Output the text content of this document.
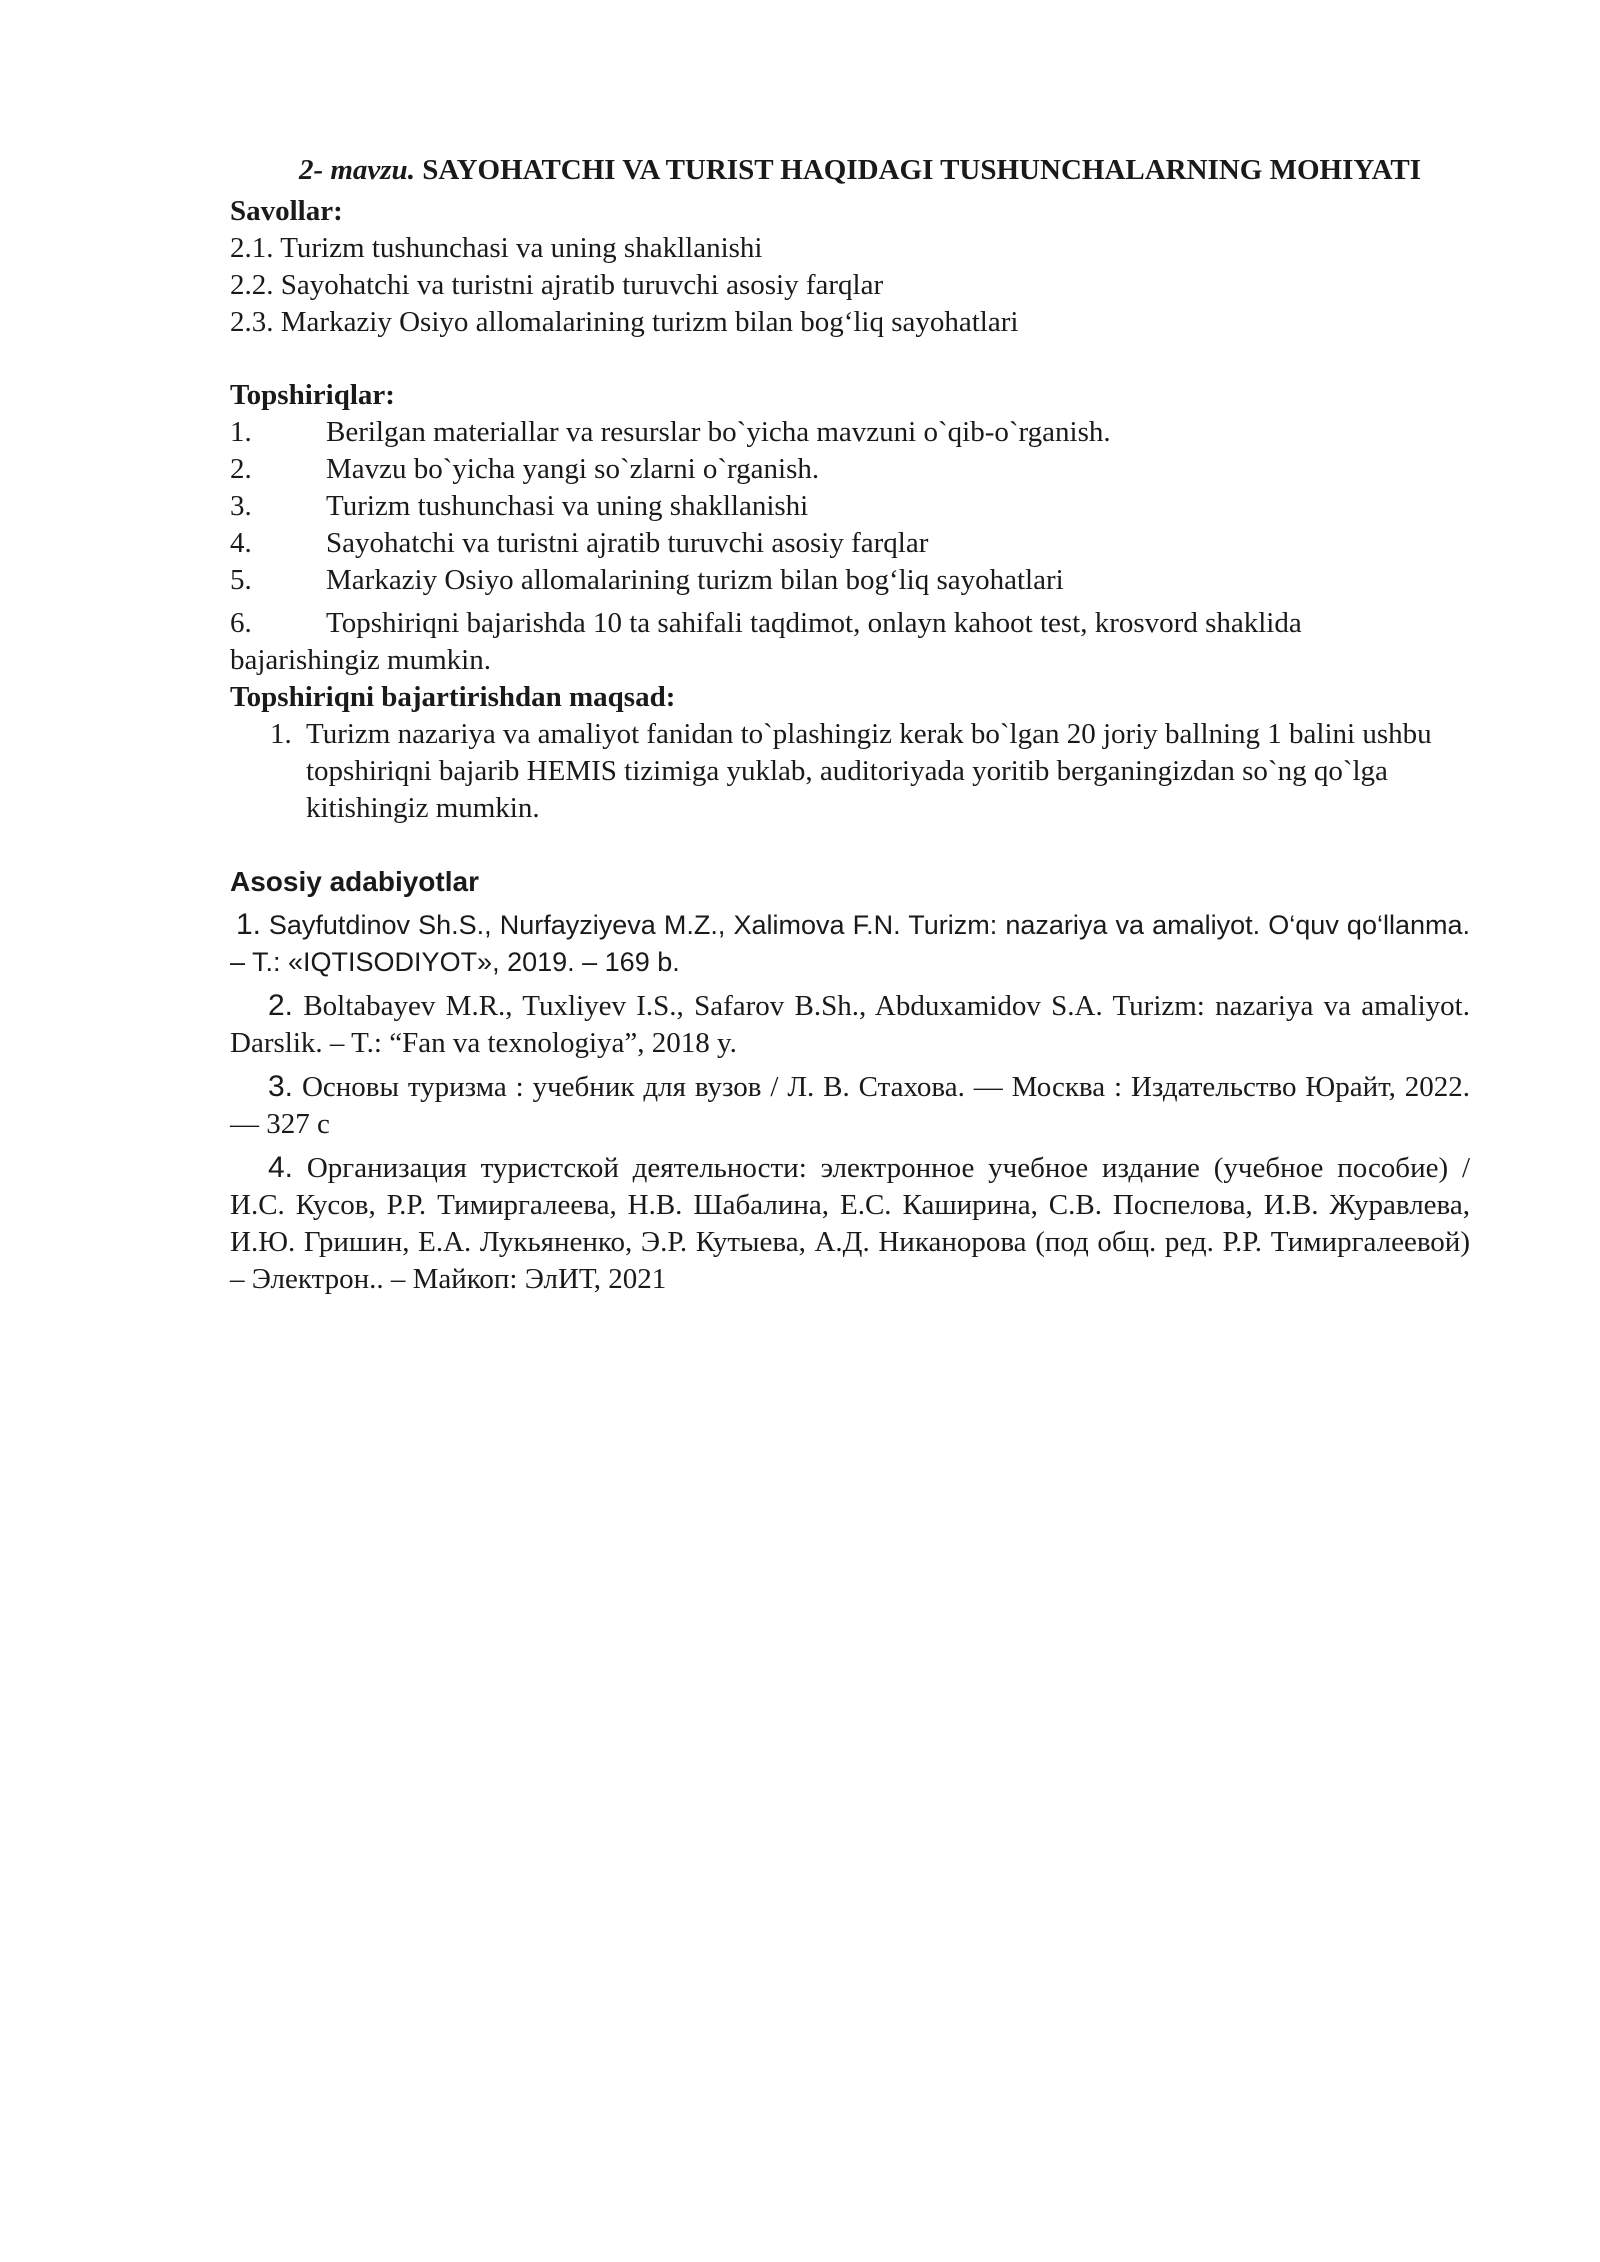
2- mavzu. SAYOHATCHI VA TURIST HAQIDAGI TUSHUNCHALARNING MOHIYATI

Savollar:

2.1. Turizm tushunchasi va uning shakllanishi

2.2. Sayohatchi va turistni ajratib turuvchi asosiy farqlar

2.3. Markaziy Osiyo allomalarining turizm bilan bog‘liq sayohatlari

Topshiriqlar:

1.	Berilgan materiallar va resurslar bo`yicha mavzuni o`qib-o`rganish.
2.	Mavzu bo`yicha yangi so`zlarni o`rganish.
3.	Turizm tushunchasi va uning shakllanishi
4.	Sayohatchi va turistni ajratib turuvchi asosiy farqlar
5.	Markaziy Osiyo allomalarining turizm bilan bog‘liq sayohatlari
6.	Topshiriqni bajarishda 10 ta sahifali taqdimot, onlayn kahoot test, krosvord shaklida

bajarishingiz mumkin.

Topshiriqni bajartirishdan maqsad:

1. Turizm nazariya va amaliyot fanidan to`plashingiz kerak bo`lgan 20 joriy ballning 1 balini ushbu topshiriqni bajarib HEMIS tizimiga yuklab, auditoriyada yoritib berganingizdan so`ng qo`lga kitishingiz mumkin.

Asosiy adabiyotlar

1. Sayfutdinov Sh.S., Nurfayziyeva M.Z., Xalimova F.N. Turizm: nazariya va amaliyot. O‘quv qo‘llanma. – T.: «IQTISODIYOT», 2019. – 169 b.

2. Boltabayev M.R., Tuxliyev I.S., Safarov B.Sh., Abduxamidov S.A. Turizm: nazariya va amaliyot. Darslik. – T.: “Fan va texnologiya”, 2018 y.

3. Основы туризма : учебник для вузов / Л. В. Стахова. — Москва : Издательство Юрайт, 2022. — 327 с

4. Организация туристской деятельности: электронное учебное издание (учебное пособие) / И.С. Кусов, Р.Р. Тимиргалеева, Н.В. Шабалина, Е.С. Каширина, С.В. Поспелова, И.В. Журавлева, И.Ю. Гришин, Е.А. Лукьяненко, Э.Р. Кутыева, А.Д. Никанорова (под общ. ред. Р.Р. Тимиргалеевой) – Электрон.. – Майкоп: ЭлИТ, 2021
